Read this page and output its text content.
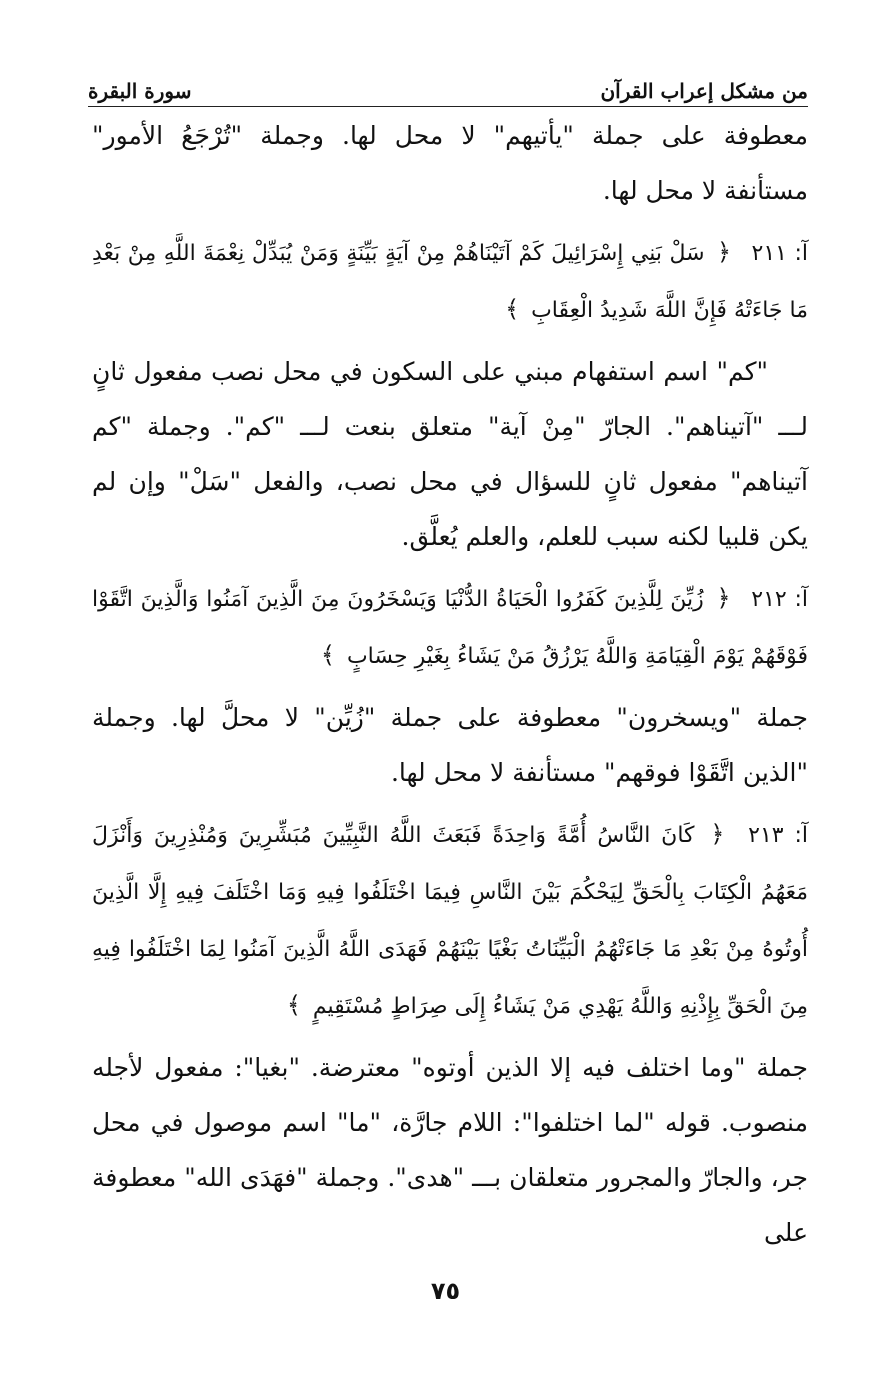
من مشكل إعراب القرآن
سورة البقرة

معطوفة على جملة "يأتيهم" لا محل لها. وجملة "تُرْجَعُ الأمور" مستأنفة لا محل لها.

آ: ٢١١ ﴿ سَلْ بَنِي إِسْرَائِيلَ كَمْ آتَيْنَاهُمْ مِنْ آيَةٍ بَيِّنَةٍ وَمَنْ يُبَدِّلْ نِعْمَةَ اللَّهِ مِنْ بَعْدِ مَا جَاءَتْهُ فَإِنَّ اللَّهَ شَدِيدُ الْعِقَابِ ﴾

"كم" اسم استفهام مبني على السكون في محل نصب مفعول ثانٍ لـــ "آتيناهم". الجارّ "مِنْ آية" متعلق بنعت لـــ "كم". وجملة "كم آتيناهم" مفعول ثانٍ للسؤال في محل نصب، والفعل "سَلْ" وإن لم يكن قلبيا لكنه سبب للعلم، والعلم يُعلَّق.

آ: ٢١٢ ﴿ زُيِّنَ لِلَّذِينَ كَفَرُوا الْحَيَاةُ الدُّنْيَا وَيَسْخَرُونَ مِنَ الَّذِينَ آمَنُوا وَالَّذِينَ اتَّقَوْا فَوْقَهُمْ يَوْمَ الْقِيَامَةِ وَاللَّهُ يَرْزُقُ مَنْ يَشَاءُ بِغَيْرِ حِسَابٍ ﴾

جملة "ويسخرون" معطوفة على جملة "زُيِّن" لا محلَّ لها. وجملة "الذين اتَّقَوْا فوقهم" مستأنفة لا محل لها.

آ: ٢١٣ ﴿ كَانَ النَّاسُ أُمَّةً وَاحِدَةً فَبَعَثَ اللَّهُ النَّبِيِّينَ مُبَشِّرِينَ وَمُنْذِرِينَ وَأَنْزَلَ مَعَهُمُ الْكِتَابَ بِالْحَقِّ لِيَحْكُمَ بَيْنَ النَّاسِ فِيمَا اخْتَلَفُوا فِيهِ وَمَا اخْتَلَفَ فِيهِ إِلَّا الَّذِينَ أُوتُوهُ مِنْ بَعْدِ مَا جَاءَتْهُمُ الْبَيِّنَاتُ بَغْيًا بَيْنَهُمْ فَهَدَى اللَّهُ الَّذِينَ آمَنُوا لِمَا اخْتَلَفُوا فِيهِ مِنَ الْحَقِّ بِإِذْنِهِ وَاللَّهُ يَهْدِي مَنْ يَشَاءُ إِلَى صِرَاطٍ مُسْتَقِيمٍ ﴾

جملة "وما اختلف فيه إلا الذين أوتوه" معترضة. "بغيا": مفعول لأجله منصوب. قوله "لما اختلفوا": اللام جارَّة، "ما" اسم موصول في محل جر، والجارّ والمجرور متعلقان بـــ "هدى". وجملة "فهَدَى الله" معطوفة على

٧٥
